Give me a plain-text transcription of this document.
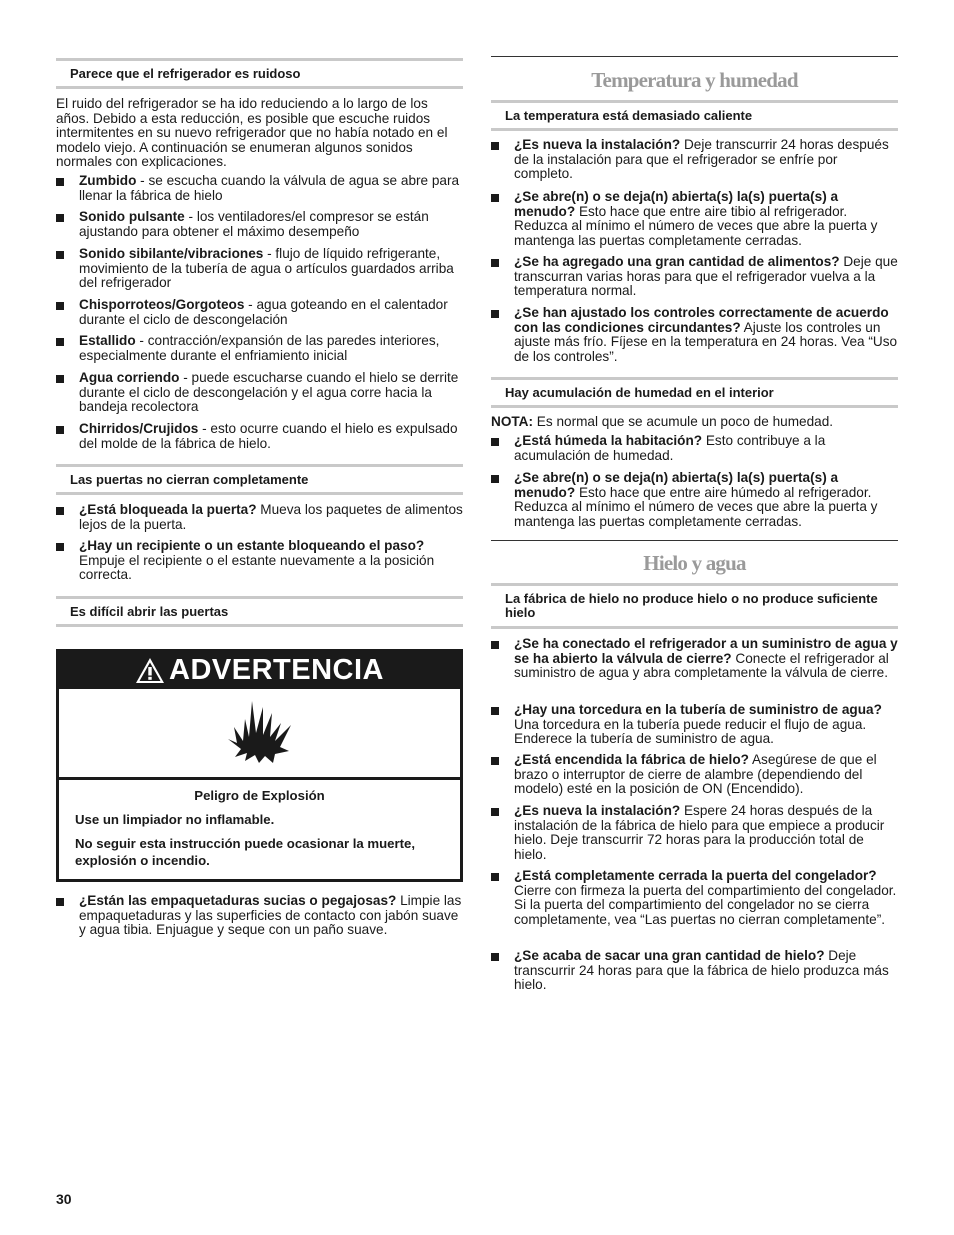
Parece que el refrigerador es ruidoso

El ruido del refrigerador se ha ido reduciendo a lo largo de los años. Debido a esta reducción, es posible que escuche ruidos intermitentes en su nuevo refrigerador que no había notado en el modelo viejo. A continuación se enumeran algunos sonidos normales con explicaciones.

Zumbido - se escucha cuando la válvula de agua se abre para llenar la fábrica de hielo
Sonido pulsante - los ventiladores/el compresor se están ajustando para obtener el máximo desempeño
Sonido sibilante/vibraciones - flujo de líquido refrigerante, movimiento de la tubería de agua o artículos guardados arriba del refrigerador
Chisporroteos/Gorgoteos - agua goteando en el calentador durante el ciclo de descongelación
Estallido - contracción/expansión de las paredes interiores, especialmente durante el enfriamiento inicial
Agua corriendo - puede escucharse cuando el hielo se derrite durante el ciclo de descongelación y el agua corre hacia la bandeja recolectora
Chirridos/Crujidos - esto ocurre cuando el hielo es expulsado del molde de la fábrica de hielo.
Las puertas no cierran completamente
¿Está bloqueada la puerta? Mueva los paquetes de alimentos lejos de la puerta.
¿Hay un recipiente o un estante bloqueando el paso? Empuje el recipiente o el estante nuevamente a la posición correcta.
Es difícil abrir las puertas
ADVERTENCIA
Peligro de Explosión
Use un limpiador no inflamable.
No seguir esta instrucción puede ocasionar la muerte, explosión o incendio.
¿Están las empaquetaduras sucias o pegajosas? Limpie las empaquetaduras y las superficies de contacto con jabón suave y agua tibia. Enjuague y seque con un paño suave.
Temperatura y humedad
La temperatura está demasiado caliente
¿Es nueva la instalación? Deje transcurrir 24 horas después de la instalación para que el refrigerador se enfríe por completo.
¿Se abre(n) o se deja(n) abierta(s) la(s) puerta(s) a menudo? Esto hace que entre aire tibio al refrigerador. Reduzca al mínimo el número de veces que abre la puerta y mantenga las puertas completamente cerradas.
¿Se ha agregado una gran cantidad de alimentos? Deje que transcurran varias horas para que el refrigerador vuelva a la temperatura normal.
¿Se han ajustado los controles correctamente de acuerdo con las condiciones circundantes? Ajuste los controles un ajuste más frío. Fíjese en la temperatura en 24 horas. Vea “Uso de los controles”.
Hay acumulación de humedad en el interior

NOTA: Es normal que se acumule un poco de humedad.

¿Está húmeda la habitación? Esto contribuye a la acumulación de humedad.
¿Se abre(n) o se deja(n) abierta(s) la(s) puerta(s) a menudo? Esto hace que entre aire húmedo al refrigerador. Reduzca al mínimo el número de veces que abre la puerta y mantenga las puertas completamente cerradas.
Hielo y agua
La fábrica de hielo no produce hielo o no produce suficiente hielo
¿Se ha conectado el refrigerador a un suministro de agua y se ha abierto la válvula de cierre? Conecte el refrigerador al suministro de agua y abra completamente la válvula de cierre.
¿Hay una torcedura en la tubería de suministro de agua? Una torcedura en la tubería puede reducir el flujo de agua. Enderece la tubería de suministro de agua.
¿Está encendida la fábrica de hielo? Asegúrese de que el brazo o interruptor de cierre de alambre (dependiendo del modelo) esté en la posición de ON (Encendido).
¿Es nueva la instalación? Espere 24 horas después de la instalación de la fábrica de hielo para que empiece a producir hielo. Deje transcurrir 72 horas para la producción total de hielo.
¿Está completamente cerrada la puerta del congelador? Cierre con firmeza la puerta del compartimiento del congelador. Si la puerta del compartimiento del congelador no se cierra completamente, vea “Las puertas no cierran completamente”.
¿Se acaba de sacar una gran cantidad de hielo? Deje transcurrir 24 horas para que la fábrica de hielo produzca más hielo.
30
